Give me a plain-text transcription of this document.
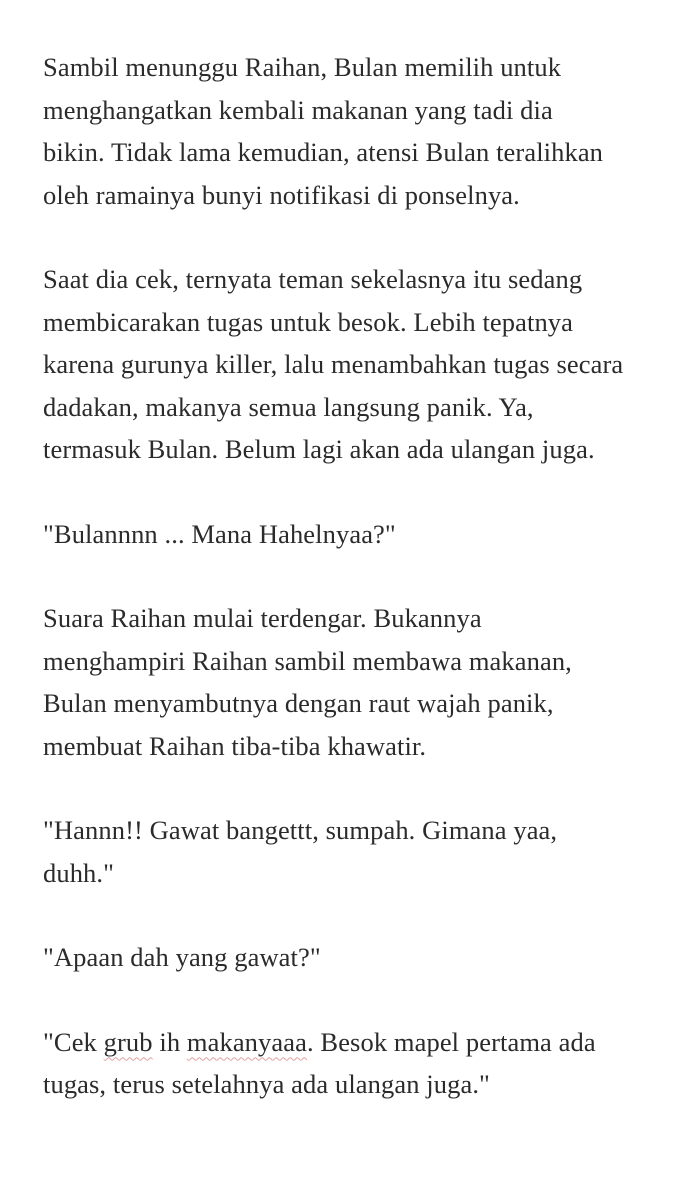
Sambil menunggu Raihan, Bulan memilih untuk
menghangatkan kembali makanan yang tadi dia
bikin. Tidak lama kemudian, atensi Bulan teralihkan
oleh ramainya bunyi notifikasi di ponselnya.

Saat dia cek, ternyata teman sekelasnya itu sedang
membicarakan tugas untuk besok. Lebih tepatnya
karena gurunya killer, lalu menambahkan tugas secara
dadakan, makanya semua langsung panik. Ya,
termasuk Bulan. Belum lagi akan ada ulangan juga.

"Bulannnn ... Mana Hahelnyaa?"

Suara Raihan mulai terdengar. Bukannya
menghampiri Raihan sambil membawa makanan,
Bulan menyambutnya dengan raut wajah panik,
membuat Raihan tiba-tiba khawatir.

"Hannn!! Gawat bangettt, sumpah. Gimana yaa,
duhh."

"Apaan dah yang gawat?"

"Cek grub ih makanyaaa. Besok mapel pertama ada
tugas, terus setelahnya ada ulangan juga."
